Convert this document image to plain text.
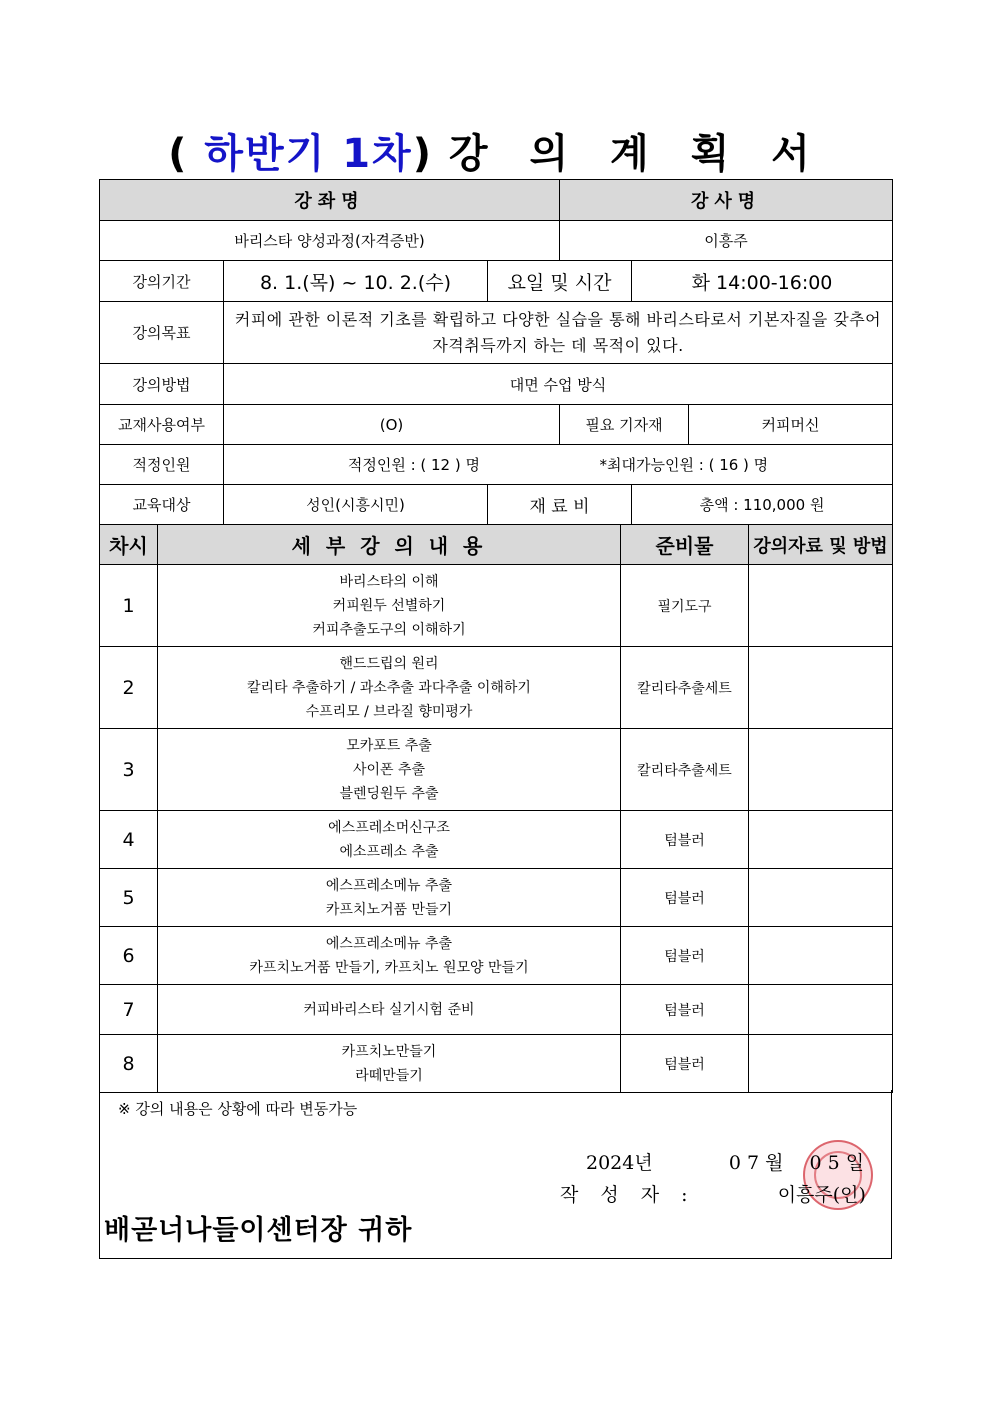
( 하반기 1차) 강 의 계 획 서
강좌명			강사명		
바리스타 양성과정(자격증반)			이흥주		
강의기간	8. 1.(목) ~ 10. 2.(수)	요일 및 시간		화 14:00-16:00	
강의목표	커피에 관한 이론적 기초를 확립하고 다양한 실습을 통해 바리스타로서 기본자질을 갖추어 자격취득까지 하는 데 목적이 있다.				
강의방법	대면 수업 방식				
교재사용여부	(O)		필요 기자재		커피머신
적정인원	적정인원 : ( 12 ) 명 *최대가능인원 : ( 16 ) 명				
교육대상	성인(시흥시민)	재 료 비		총액 : 110,000 원	
차시	세 부 강 의 내 용	준비물	강의자료 및 방법
1	바리스타의 이해
커피원두 선별하기
커피추출도구의 이해하기	필기도구	
2	핸드드립의 원리
칼리타 추출하기 / 과소추출 과다추출 이해하기
수프리모 / 브라질 향미평가	칼리타추출세트	
3	모카포트 추출
사이폰 추출
블렌딩원두 추출	칼리타추출세트	
4	에스프레소머신구조
에소프레소 추출	텀블러	
5	에스프레소메뉴 추출
카프치노거품 만들기	텀블러	
6	에스프레소메뉴 추출
카프치노거품 만들기, 카프치노 원모양 만들기	텀블러	
7	커피바리스타 실기시험 준비	텀블러	
8	카프치노만들기
라떼만들기	텀블러	
※ 강의 내용은 상황에 따라 변동가능
2024년	0 7 월 0 5 일
작 성 자 :	이흥주(인)
배곧너나들이센터장 귀하
